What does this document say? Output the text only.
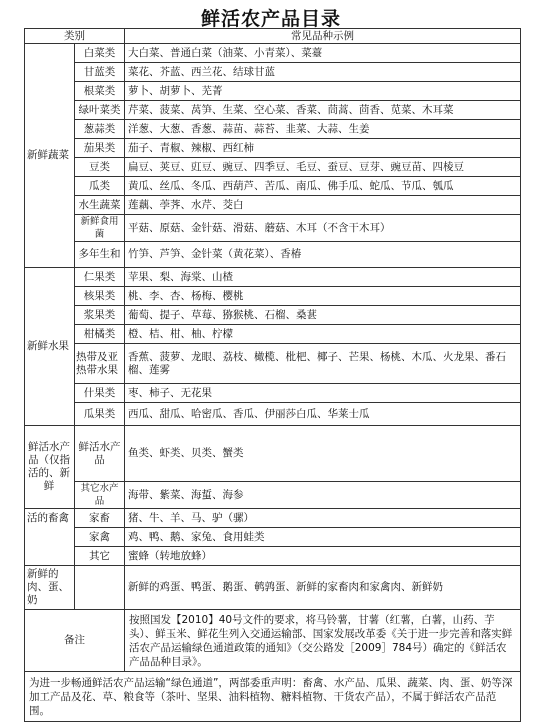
鲜活农产品目录
类别		常见品种示例
新鲜蔬菜	白菜类	大白菜、普通白菜（油菜、小青菜）、菜薹
	甘蓝类	菜花、芥蓝、西兰花、结球甘蓝
	根菜类	萝卜、胡萝卜、芜菁
	绿叶菜类	芹菜、菠菜、莴笋、生菜、空心菜、香菜、茼蒿、茴香、苋菜、木耳菜
	葱蒜类	洋葱、大葱、香葱、蒜苗、蒜苔、韭菜、大蒜、生姜
	茄果类	茄子、青椒、辣椒、西红柿
	豆类	扁豆、荚豆、豇豆、豌豆、四季豆、毛豆、蚕豆、豆芽、豌豆苗、四棱豆
	瓜类	黄瓜、丝瓜、冬瓜、西葫芦、苦瓜、南瓜、佛手瓜、蛇瓜、节瓜、瓠瓜
	水生蔬菜	莲藕、荸荠、水芹、茭白
	新鲜食用菌	平菇、原菇、金针菇、滑菇、蘑菇、木耳（不含干木耳）
	多年生和	竹笋、芦笋、金针菜（黄花菜）、香椿
新鲜水果	仁果类	苹果、梨、海棠、山楂
	核果类	桃、李、杏、杨梅、樱桃
	浆果类	葡萄、提子、草莓、猕猴桃、石榴、桑葚
	柑橘类	橙、桔、柑、柚、柠檬
	热带及亚热带水果	香蕉、菠萝、龙眼、荔枝、橄榄、枇杷、椰子、芒果、杨桃、木瓜、火龙果、番石榴、莲雾
	什果类	枣、柿子、无花果
	瓜果类	西瓜、甜瓜、哈密瓜、香瓜、伊丽莎白瓜、华莱士瓜
鲜活水产品（仅指活的、新鲜	鲜活水产品	鱼类、虾类、贝类、蟹类
	其它水产品	海带、紫菜、海蜇、海参
活的畜禽	家畜	猪、牛、羊、马、驴（骡）
	家禽	鸡、鸭、鹅、家兔、食用蛙类
	其它	蜜蜂（转地放蜂）
新鲜的肉、蛋、奶		新鲜的鸡蛋、鸭蛋、鹅蛋、鹌鹑蛋、新鲜的家畜肉和家禽肉、新鲜奶
备注		按照国发【2010】40号文件的要求，将马铃薯，甘薯（红薯，白薯，山药、芋头）、鲜玉米、鲜花生列入交通运输部、国家发展改革委《关于进一步完善和落实鲜活农产品运输绿色通道政策的通知》（交公路发［2009］784号）确定的《鲜活农产品品种目录》。
为进一步畅通鲜活农产品运输“绿色通道”，两部委重声明：畜禽、水产品、瓜果、蔬菜、肉、蛋、奶等深加工产品及花、草、粮食等（茶叶、坚果、油料植物、糖料植物、干货农产品），不属于鲜活农产品范围。		
